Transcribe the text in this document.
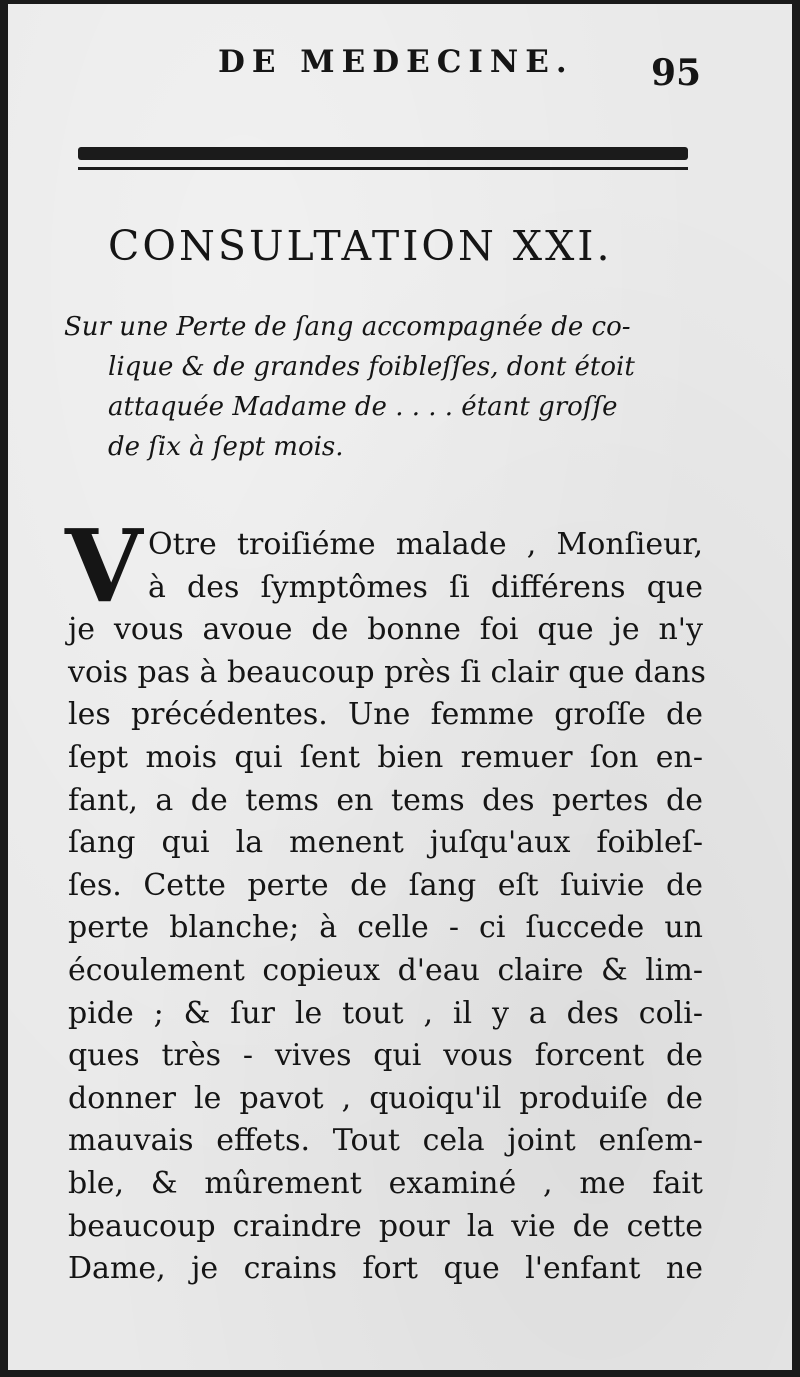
DE MEDECINE. 95
CONSULTATION XXI.
Sur une Perte de ſang accompagnée de co-
lique & de grandes foibleſſes, dont étoit
attaquée Madame de . . . . étant groſſe
de ſix à ſept mois.
V Otre troiſiéme malade , Monſieur,
à des ſymptômes ſi différens que
je vous avoue de bonne foi que je n'y
vois pas à beaucoup près ſi clair que dans
les précédentes. Une femme groſſe de
ſept mois qui ſent bien remuer ſon en-
fant, a de tems en tems des pertes de
ſang qui la menent juſqu'aux foibleſ-
ſes. Cette perte de ſang eſt ſuivie de
perte blanche; à celle - ci ſuccede un
écoulement copieux d'eau claire & lim-
pide ; & ſur le tout , il y a des coli-
ques très - vives qui vous forcent de
donner le pavot , quoiqu'il produiſe de
mauvais effets. Tout cela joint enſem-
ble, & mûrement examiné , me fait
beaucoup craindre pour la vie de cette
Dame, je crains fort que l'enfant ne
